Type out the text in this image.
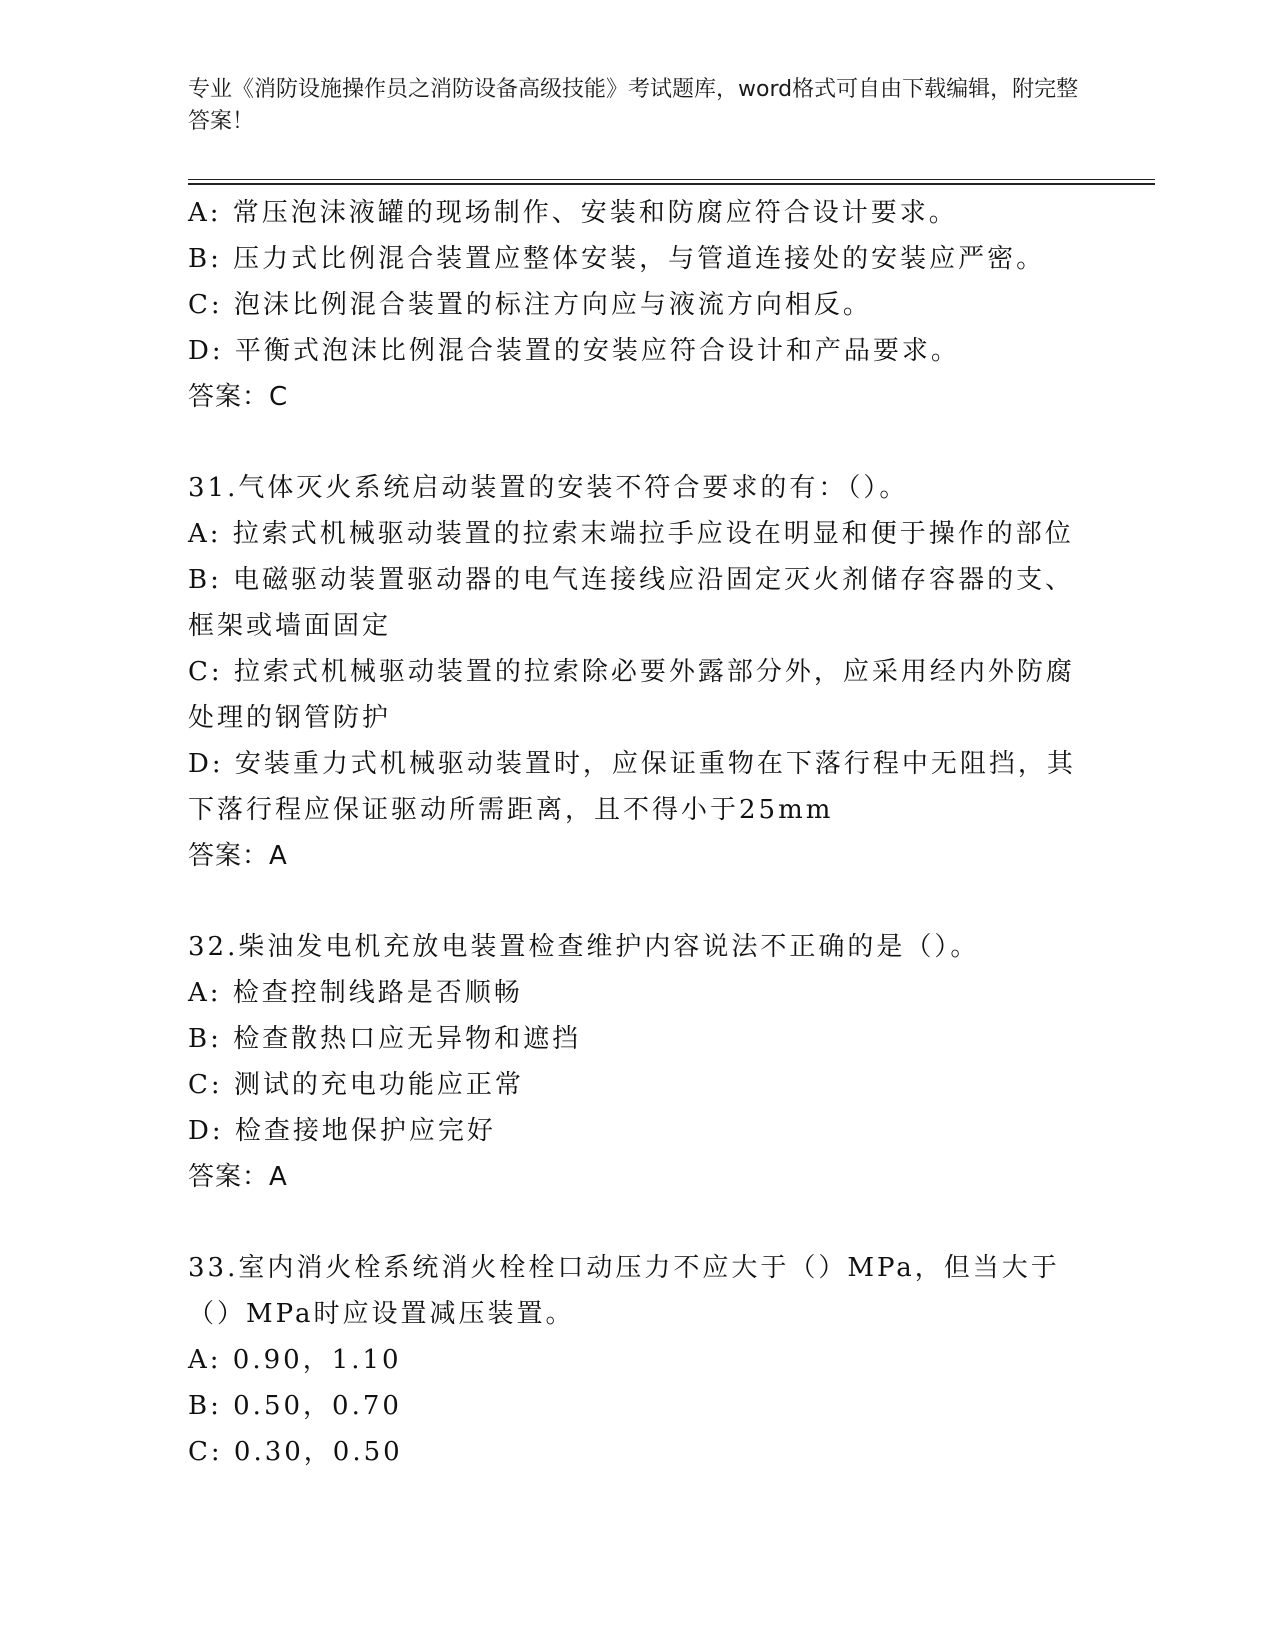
专业《消防设施操作员之消防设备高级技能》考试题库，word格式可自由下载编辑，附完整答案！
A: 常压泡沫液罐的现场制作、安装和防腐应符合设计要求。
B: 压力式比例混合装置应整体安装，与管道连接处的安装应严密。
C: 泡沫比例混合装置的标注方向应与液流方向相反。
D: 平衡式泡沫比例混合装置的安装应符合设计和产品要求。
答案：C
31.气体灭火系统启动装置的安装不符合要求的有：（）。
A: 拉索式机械驱动装置的拉索末端拉手应设在明显和便于操作的部位
B: 电磁驱动装置驱动器的电气连接线应沿固定灭火剂储存容器的支、框架或墙面固定
C: 拉索式机械驱动装置的拉索除必要外露部分外，应采用经内外防腐处理的钢管防护
D: 安装重力式机械驱动装置时，应保证重物在下落行程中无阻挡，其下落行程应保证驱动所需距离，且不得小于25mm
答案：A
32.柴油发电机充放电装置检查维护内容说法不正确的是（）。
A: 检查控制线路是否顺畅
B: 检查散热口应无异物和遮挡
C: 测试的充电功能应正常
D: 检查接地保护应完好
答案：A
33.室内消火栓系统消火栓栓口动压力不应大于（）MPa，但当大于（）MPa时应设置减压装置。
A: 0.90，1.10
B: 0.50，0.70
C: 0.30，0.50
